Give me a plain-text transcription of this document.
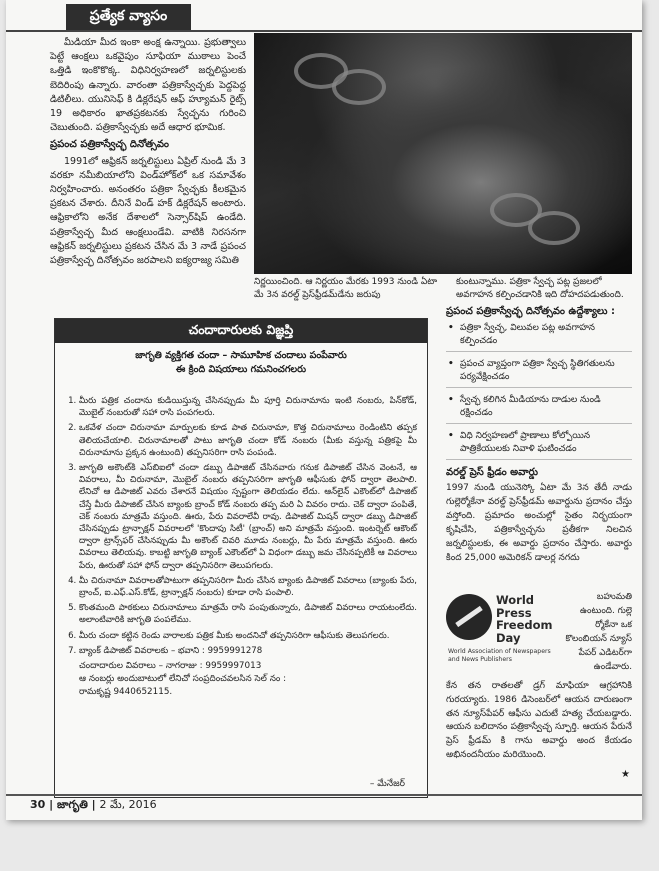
ప్రత్యేక వ్యాసం

మీడియా మీద ఇంకా అంక్ష ఉన్నాయి. ప్రభుత్వాలు పెట్టే ఆంక్షలు ఒకవైపుం సూఫియా ముఠాలు పెంచే ఒత్తిడి ఇంకొకొక్క. విధినిర్వహణలో జర్నలిస్టులకు బెదిరింపు ఉన్నారు. వారంతా పత్రికాస్వేచ్ఛకు పెద్దపెద్ద డిటిలీలు. యునిసెఫ్ కి డిక్లరేషన్ ఆఫ్ హ్యూమన్ రైట్స్ 19 అధికారం ఖాతప్రకటనకు స్వేచ్ఛను గురించి చెబుతుంది. పత్రికాస్వేచ్ఛకు అదే ఆధార భూమిక.

ప్రపంచ పత్రికాస్వేచ్ఛ దినోత్సవం

1991లో ఆఫ్రికన్ జర్నలిస్టులు ఏప్రిల్ నుండి మే 3 వరకూ నమీబియాలోని విండ్‌హోక్‌లో ఒక సమావేశం నిర్వహించారు. అనంతరం పత్రికా స్వేచ్ఛకు కీలకమైన ప్రకటన చేశారు. దీనినే విండ్ హక్ డిక్లరేషన్ అంటారు. ఆఫ్రికాలోని అనేక దేశాలలో సెన్సార్‌షిప్ ఉండేది. పత్రికాస్వేచ్ఛ మీద ఆంక్షలుండేవి. వాటికి నిరసనగా ఆఫ్రికన్ జర్నలిస్టులు ప్రకటన చేసిన మే 3 నాడే ప్రపంచ పత్రికాస్వేచ్ఛ దినోత్సవం జరపాలని ఐక్యరాజ్య సమితి

నిర్ణయించింది. ఆ నిర్ణయం మేరకు 1993 నుండి ఏటా మే 3న వరల్డ్ ప్రెస్‌ఫ్రీడమ్‌డేను జరుపు
చందాదారులకు విజ్ఞప్తి
జాగృతి వ్యక్తిగత చందా – సామూహిక చందాలు పంపేవారు
ఈ క్రింది విషయాలు గమనించగలరు
1. మీరు పత్రిక చందాను కుడియిస్తున్న చేసినప్పుడు మీ పూర్తి చిరునామాను ఇంటి నంబరు, పిన్‌కోడ్, మొబైల్ నంబరుతో సహా రాసి పంపగలరు.
2. ఒకవేళ చందా చిరునామా మార్పులకు కూడ పాత చిరునామా, కొత్త చిరునామాలు రెండింటిని తప్పక తెలియచేయాలి. చిరునామాలతో పాటు జాగృతి చందా కోడ్ నంబరు (మీకు వస్తున్న పత్రికపై మీ చిరునామాను ప్రక్కన ఉంటుంది) తప్పనిసరిగా రాసి పంపండి.
3. జాగృతి అకౌంట్‌కి ఎస్‌బిఐలో చందా డబ్బు డిపాజిట్ చేసినవారు గనుక డిపాజిట్ చేసిన వెంటనే, ఆ వివరాలు, మీ చిరునామా, మొబైల్ నంబరు తప్పనిసరిగా జాగృతి ఆఫీసుకు ఫోన్ ద్వారా తెలపాలి. లేనిచో ఆ డిపాజిట్ ఎవరు చేశారనే విషయం స్పష్టంగా తెలియడం లేదు. ఆన్‌లైన్ ఎకౌంట్‌లో డిపాజిట్ చేస్తే మీరు డిపాజిట్ చేసిన బ్యాంకు బ్రాంచ్ కోడ్ నంబరు తప్ప మరి ఏ వివరం రాదు. చెక్ ద్వారా పంపితే, చెక్ నంబరు మాత్రమే వస్తుంది. ఊరు, పేరు వివరాలేవీ రావు. డిపాజిట్ మిషన్ ద్వారా డబ్బు డిపాజిట్ చేసినప్పుడు ట్రాన్సాక్షన్ వివరాలలో 'కొందాపు సిటీ' (బ్రాంచ్) అని మాత్రమే వస్తుంది. ఇంటర్నెట్ ఆకౌంట్ ద్వారా ట్రాన్స్‌ఫర్ చేసినప్పుడు మీ అకౌంట్ చివరి మూడు నంబర్లు, మీ పేరు మాత్రమే వస్తుంది. ఊరు వివరాలు తెలియవు. కాబట్టి జాగృతి బ్యాంక్ ఎకౌంట్‌లో ఏ విధంగా డబ్బు జమ చేసినప్పటికీ ఆ వివరాలు పేరు, ఊరుతో సహా ఫోన్ ద్వారా తప్పనిసరిగా తెలుపగలరు.
4. మీ చిరునామా వివరాలతోపాటుగా తప్పనిసరిగా మీరు చేసిన బ్యాంకు డిపాజిట్ వివరాలు (బ్యాంకు పేరు, బ్రాంచ్, ఐ.ఎఫ్.ఎస్.కోడ్, ట్రాన్సాక్షన్ నంబరు) కూడా రాసి పంపాలి.
5. కొంతమంది పాఠకులు చిరునామాలు మాత్రమే రాసి పంపుతున్నారు, డిపాజిట్ వివరాలు రాయటంలేదు. అలాంటివారికి జాగృతి పంపలేము.
6. మీరు చందా కట్టిన రెండు వారాలకు పత్రిక మీకు అందనిచో తప్పనిసరిగా ఆఫీసుకు తెలుపగలరు.
7. బ్యాంక్ డిపాజిట్ వివరాలకు – భవాని : 9959991278
చందాదారుల వివరాలు – నాగరాజు : 9959997013
ఆ నంబర్లు అందుబాటులో లేనిచో సంప్రదించవలసిన సెల్ నం :
రామకృష్ణ 9440652115.
– మేనేజర్
కుంటున్నాము. పత్రికా స్వేచ్ఛ పట్ల ప్రజలలో అవగాహన కల్పించడానికి ఇది దోహదపడుతుంది.
ప్రపంచ పత్రికాస్వేచ్ఛ దినోత్సవం ఉద్దేశ్యాలు :
• పత్రికా స్వేచ్ఛ, విలువల పట్ల అవగాహన కల్పించడం
• ప్రపంచ వ్యాప్తంగా పత్రికా స్వేచ్ఛ స్థితిగతులను పర్యవేక్షించడం
• స్వేచ్ఛ కలిగిన మీడియాను దాడుల నుండి రక్షించడం
• విధి నిర్వహణలో ప్రాణాలు కోల్పోయిన పాత్రికేయులకు నివాళి ఘటించడం
వరల్డ్ ప్రెస్ ఫ్రీడం అవార్డు
1997 నుండి యునెస్కో ఏటా మే 3న తేదీ నాడు గుల్లెర్మోకేనా వరల్డ్ ప్రెస్‌ఫ్రీడమ్ అవార్డును ప్రదానం చేస్తు వస్తోంది. ప్రమాదం అంచుల్లో సైతం నిర్భయంగా కృషిచేసి, పత్రికాస్వేచ్ఛను ప్రతీకగా నిలచిన జర్నలిస్టులకు, ఈ అవార్డు ప్రదానం చేస్తారు. అవార్డు కింద 25,000 అమెరికన్ డాలర్ల నగదు
World Press Freedom Day
World Association of Newspapers and News Publishers
బహుమతి ఉంటుంది. గుల్లె ర్మోకేనా ఒక కొలంబియన్ న్యూస్ పేపర్ ఎడిటర్‌గా ఉండేవారు.
కేన తన రాతలతో డ్రగ్ మాఫియా ఆగ్రహానికి గురయ్యారు. 1986 డిసెంబర్‌లో ఆయన దారుణంగా తన న్యూస్‌పేపర్ ఆఫీసు ఎదుటే హత్య చేయబడ్డారు. ఆయన బలిదానం పత్రికాస్వేచ్ఛ స్ఫూర్తి. ఆయన పేరునే ప్రెస్ ఫ్రీడమ్ కి గాను అవార్డు అంద కేయడం అభినందనీయం మరియొంది.
★
30 | జాగృతి | 2 మే, 2016
